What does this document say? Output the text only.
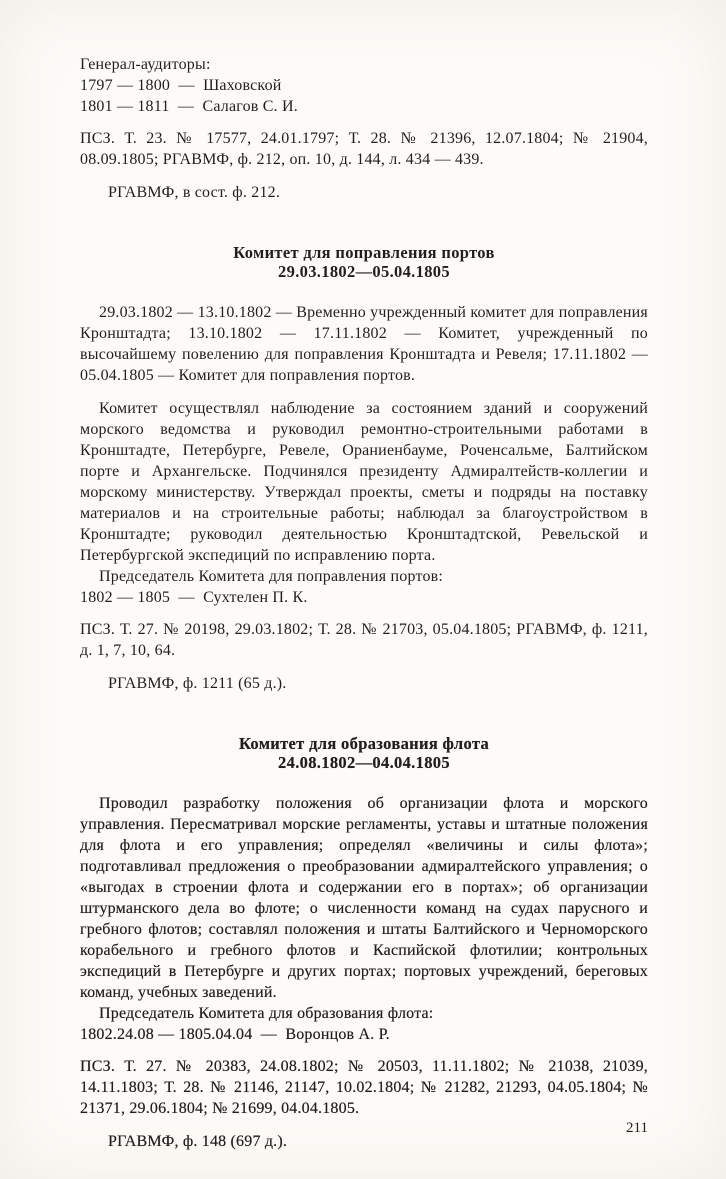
Генерал-аудиторы:
1797 — 1800  —  Шаховской
1801 — 1811  —  Салагов С. И.

ПСЗ. Т. 23. № 17577, 24.01.1797; Т. 28. № 21396, 12.07.1804; № 21904, 08.09.1805; РГАВМФ, ф. 212, оп. 10, д. 144, л. 434 — 439.

РГАВМФ, в сост. ф. 212.

Комитет для поправления портов
29.03.1802—05.04.1805

29.03.1802 — 13.10.1802 — Временно учрежденный комитет для поправления Кронштадта; 13.10.1802 — 17.11.1802 — Комитет, учрежденный по высочайшему повелению для поправления Кронштадта и Ревеля; 17.11.1802 — 05.04.1805 — Комитет для поправления портов.

Комитет осуществлял наблюдение за состоянием зданий и сооружений морского ведомства и руководил ремонтно-строительными работами в Кронштадте, Петербурге, Ревеле, Ораниенбауме, Роченсальме, Балтийском порте и Архангельске. Подчинялся президенту Адмиралтейств-коллегии и морскому министерству. Утверждал проекты, сметы и подряды на поставку материалов и на строительные работы; наблюдал за благоустройством в Кронштадте; руководил деятельностью Кронштадтской, Ревельской и Петербургской экспедиций по исправлению порта.

Председатель Комитета для поправления портов:
1802 — 1805  —  Сухтелен П. К.

ПСЗ. Т. 27. № 20198, 29.03.1802; Т. 28. № 21703, 05.04.1805; РГАВМФ, ф. 1211, д. 1, 7, 10, 64.

РГАВМФ, ф. 1211 (65 д.).

Комитет для образования флота
24.08.1802—04.04.1805

Проводил разработку положения об организации флота и морского управления. Пересматривал морские регламенты, уставы и штатные положения для флота и его управления; определял «величины и силы флота»; подготавливал предложения о преобразовании адмиралтейского управления; о «выгодах в строении флота и содержании его в портах»; об организации штурманского дела во флоте; о численности команд на судах парусного и гребного флотов; составлял положения и штаты Балтийского и Черноморского корабельного и гребного флотов и Каспийской флотилии; контрольных экспедиций в Петербурге и других портах; портовых учреждений, береговых команд, учебных заведений.

Председатель Комитета для образования флота:
1802.24.08 — 1805.04.04  —  Воронцов А. Р.

ПСЗ. Т. 27. № 20383, 24.08.1802; № 20503, 11.11.1802; № 21038, 21039, 14.11.1803; Т. 28. № 21146, 21147, 10.02.1804; № 21282, 21293, 04.05.1804; № 21371, 29.06.1804; № 21699, 04.04.1805.

РГАВМФ, ф. 148 (697 д.).

211
